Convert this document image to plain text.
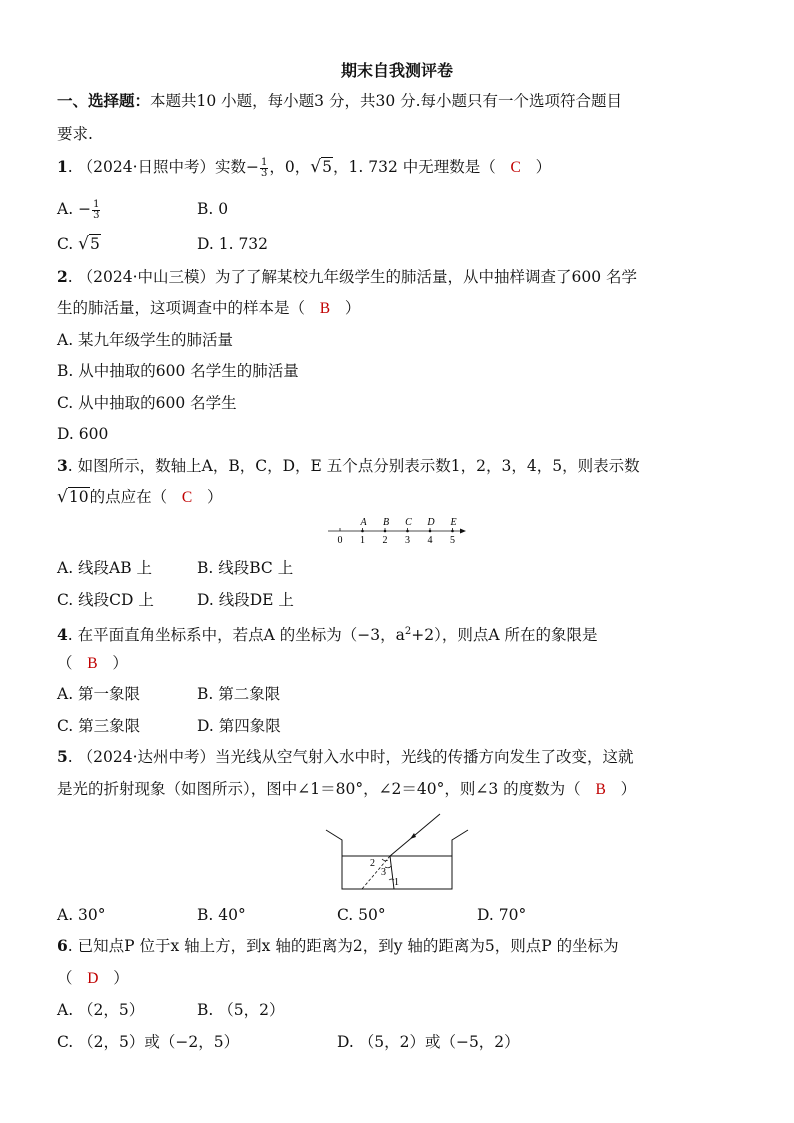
期末自我测评卷
一、选择题：本题共10 小题，每小题3 分，共30 分.每小题只有一个选项符合题目
要求.
1. （2024·日照中考）实数− $\frac{1}{3}$ ，0，√5，1. 732 中无理数是（ C ）
A. − $\frac{1}{3}$	B. 0
C. √5	D. 1. 732
2. （2024·中山三模）为了了解某校九年级学生的肺活量，从中抽样调查了600 名学
生的肺活量，这项调查中的样本是（ B ）
A. 某九年级学生的肺活量
B. 从中抽取的600 名学生的肺活量
C. 从中抽取的600 名学生
D. 600
3. 如图所示，数轴上A，B，C，D，E 五个点分别表示数1，2，3，4，5，则表示数
√10的点应在（ C ）
0 1 2 3 4 5
A B C D E
A. 线段AB 上	B. 线段BC 上
C. 线段CD 上	D. 线段DE 上
4. 在平面直角坐标系中，若点A 的坐标为（−3，$a^2+2$），则点A 所在的象限是
（ B ）
A. 第一象限	B. 第二象限
C. 第三象限	D. 第四象限
5. （2024·达州中考）当光线从空气射入水中时，光线的传播方向发生了改变，这就
是光的折射现象（如图所示），图中∠1＝80°，∠2＝40°，则∠3 的度数为（ B ）
2
3
1
A. 30°	B. 40°	C. 50°	D. 70°
6. 已知点P 位于x 轴上方，到x 轴的距离为2，到y 轴的距离为5，则点P 的坐标为
（ D ）
A. （2，5）	B. （5，2）
C. （2，5）或（−2，5）	D. （5，2）或（−5，2）
